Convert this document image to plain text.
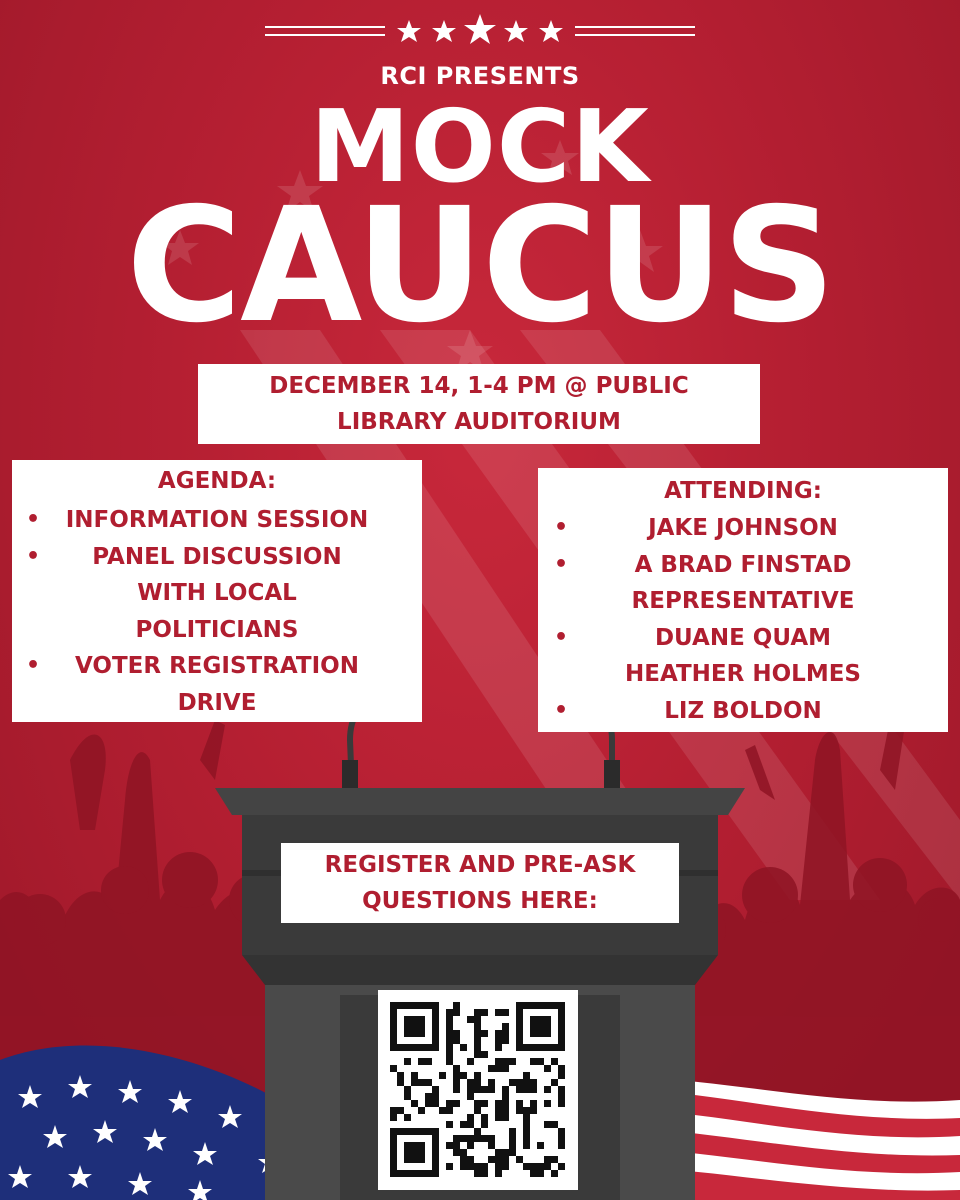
RCI PRESENTS
MOCK
CAUCUS
DECEMBER 14, 1-4 PM @ PUBLIC
LIBRARY AUDITORIUM
AGENDA:
• INFORMATION SESSION
• PANEL DISCUSSION
WITH LOCAL
POLITICIANS
• VOTER REGISTRATION
DRIVE
ATTENDING:
•	JAKE JOHNSON
•	A BRAD FINSTAD
REPRESENTATIVE
•	DUANE QUAM
HEATHER HOLMES
•	LIZ BOLDON
REGISTER AND PRE-ASK
QUESTIONS HERE:
